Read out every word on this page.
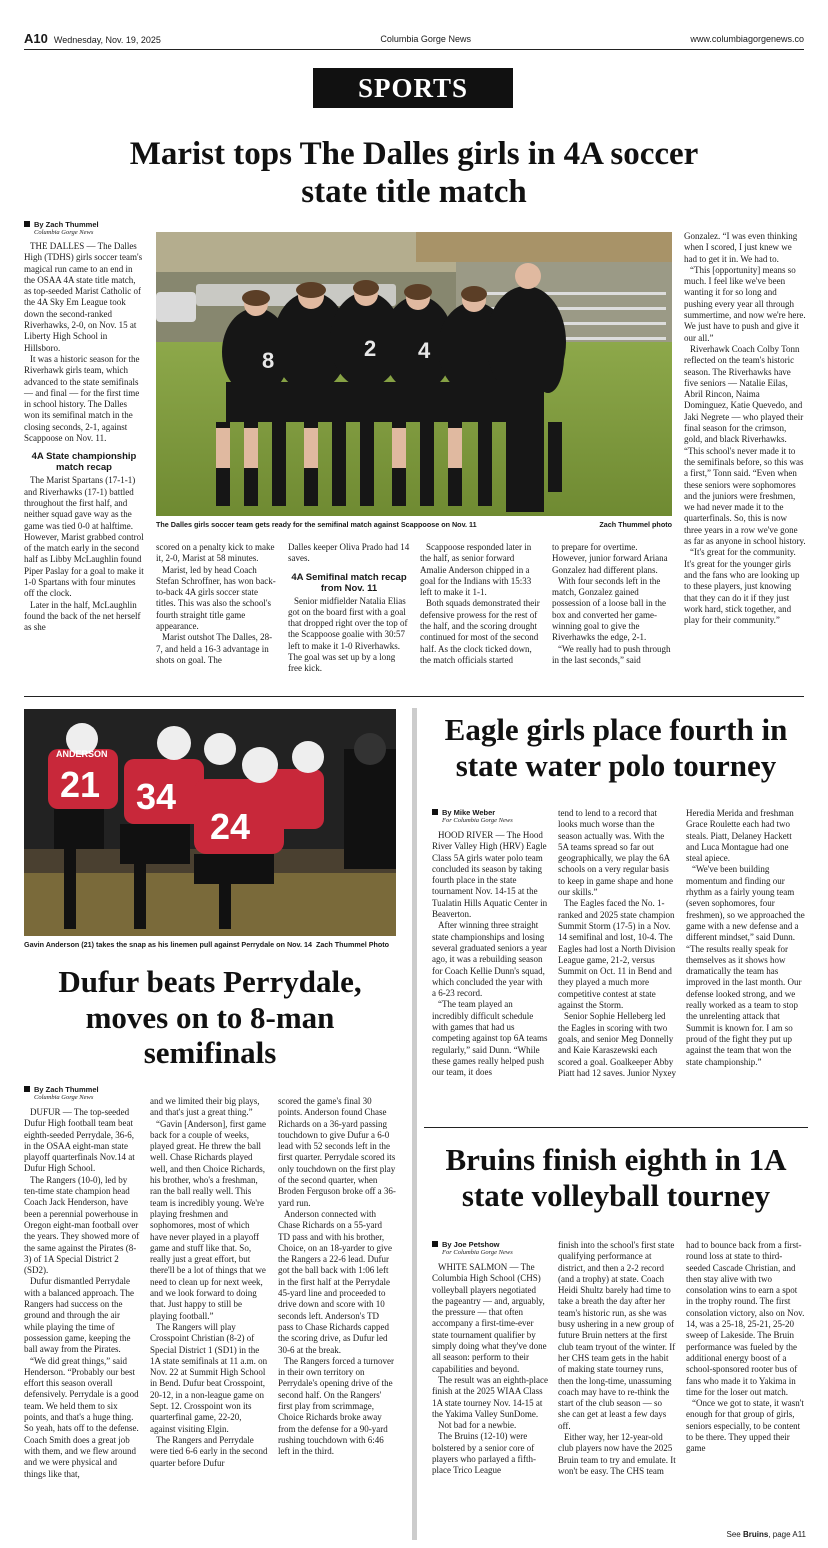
A10 Wednesday, Nov. 19, 2025	Columbia Gorge News	www.columbiagorgenews.co
SPORTS
Marist tops The Dalles girls in 4A soccer state title match
By Zach Thummel
Columbia Gorge News

THE DALLES — The Dalles High (TDHS) girls soccer team's magical run came to an end in the OSAA 4A state title match, as top-seeded Marist Catholic of the 4A Sky Em League took down the second-ranked Riverhawks, 2-0, on Nov. 15 at Liberty High School in Hillsboro.

It was a historic season for the Riverhawk girls team, which advanced to the state semifinals — and final — for the first time in school history. The Dalles won its semifinal match in the closing seconds, 2-1, against Scappoose on Nov. 11.

4A State championship match recap

The Marist Spartans (17-1-1) and Riverhawks (17-1) battled throughout the first half, and neither squad gave way as the game was tied 0-0 at halftime. However, Marist grabbed control of the match early in the second half as Libby McLaughlin found Piper Paslay for a goal to make it 1-0 Spartans with four minutes off the clock.

Later in the half, McLaughlin found the back of the net herself as she

8	2 4
The Dalles girls soccer team gets ready for the semifinal match against Scappoose on Nov. 11	Zach Thummel photo

scored on a penalty kick to make it, 2-0, Marist at 58 minutes.

Marist, led by head Coach Stefan Schroffner, has won back-to-back 4A girls soccer state titles. This was also the school's fourth straight title game appearance.

Marist outshot The Dalles, 28-7, and held a 16-3 advantage in shots on goal. The

Dalles keeper Oliva Prado had 14 saves.

4A Semifinal match recap from Nov. 11

Senior midfielder Natalia Elias got on the board first with a goal that dropped right over the top of the Scappoose goalie with 30:57 left to make it 1-0 Riverhawks. The goal was set up by a long free kick.

Scappoose responded later in the half, as senior forward Amalie Anderson chipped in a goal for the Indians with 15:33 left to make it 1-1.

Both squads demonstrated their defensive prowess for the rest of the half, and the scoring drought continued for most of the second half. As the clock ticked down, the match officials started

to prepare for overtime. However, junior forward Ariana Gonzalez had different plans.

With four seconds left in the match, Gonzalez gained possession of a loose ball in the box and converted her game-winning goal to give the Riverhawks the edge, 2-1.

“We really had to push through in the last seconds,” said

Gonzalez. “I was even thinking when I scored, I just knew we had to get it in. We had to.

“This [opportunity] means so much. I feel like we've been wanting it for so long and pushing every year all through summertime, and now we're here. We just have to push and give it our all.”

Riverhawk Coach Colby Tonn reflected on the team's historic season. The Riverhawks have five seniors — Natalie Eilas, Abril Rincon, Naima Dominguez, Katie Quevedo, and Jaki Negrete — who played their final season for the crimson, gold, and black Riverhawks. “This school's never made it to the semifinals before, so this was a first,” Tonn said. “Even when these seniors were sophomores and the juniors were freshmen, we had never made it to the quarterfinals. So, this is now three years in a row we've gone as far as anyone in school history.

“It's great for the community. It's great for the younger girls and the fans who are looking up to these players, just knowing that they can do it if they just work hard, stick together, and play for their community.”

ANDERSON
21 34
24
Gavin Anderson (21) takes the snap as his linemen pull against Perrydale on Nov. 14 Zach Thummel Photo
Dufur beats Perrydale, moves on to 8-man semifinals
By Zach Thummel
Columbia Gorge News

DUFUR — The top-seeded Dufur High football team beat eighth-seeded Perrydale, 36-6, in the OSAA eight-man state playoff quarterfinals Nov.14 at Dufur High School.

The Rangers (10-0), led by ten-time state champion head Coach Jack Henderson, have been a perennial powerhouse in Oregon eight-man football over the years. They showed more of the same against the Pirates (8-3) of 1A Special District 2 (SD2).

Dufur dismantled Perrydale with a balanced approach. The Rangers had success on the ground and through the air while playing the time of possession game, keeping the ball away from the Pirates.

“We did great things,” said Henderson. “Probably our best effort this season overall defensively. Perrydale is a good team. We held them to six points, and that's a huge thing. So yeah, hats off to the defense. Coach Smith does a great job with them, and we flew around and we were physical and things like that,

and we limited their big plays, and that's just a great thing.”

“Gavin [Anderson], first game back for a couple of weeks, played great. He threw the ball well. Chase Richards played well, and then Choice Richards, his brother, who's a freshman, ran the ball really well. This team is incredibly young. We're playing freshmen and sophomores, most of which have never played in a playoff game and stuff like that. So, really just a great effort, but there'll be a lot of things that we need to clean up for next week, and we look forward to doing that. Just happy to still be playing football.”

The Rangers will play Crosspoint Christian (8-2) of Special District 1 (SD1) in the 1A state semifinals at 11 a.m. on Nov. 22 at Summit High School in Bend. Dufur beat Crosspoint, 20-12, in a non-league game on Sept. 12. Crosspoint won its quarterfinal game, 22-20, against visiting Elgin.

The Rangers and Perrydale were tied 6-6 early in the second quarter before Dufur

scored the game's final 30 points. Anderson found Chase Richards on a 36-yard passing touchdown to give Dufur a 6-0 lead with 52 seconds left in the first quarter. Perrydale scored its only touchdown on the first play of the second quarter, when Broden Ferguson broke off a 36-yard run.

Anderson connected with Chase Richards on a 55-yard TD pass and with his brother, Choice, on an 18-yarder to give the Rangers a 22-6 lead. Dufur got the ball back with 1:06 left in the first half at the Perrydale 45-yard line and proceeded to drive down and score with 10 seconds left. Anderson's TD pass to Chase Richards capped the scoring drive, as Dufur led 30-6 at the break.

The Rangers forced a turnover in their own territory on Perrydale's opening drive of the second half. On the Rangers' first play from scrimmage, Choice Richards broke away from the defense for a 90-yard rushing touchdown with 6:46 left in the third.

Eagle girls place fourth in state water polo tourney
By Mike Weber
For Columbia Gorge News

HOOD RIVER — The Hood River Valley High (HRV) Eagle Class 5A girls water polo team concluded its season by taking fourth place in the state tournament Nov. 14-15 at the Tualatin Hills Aquatic Center in Beaverton.

After winning three straight state championships and losing several graduated seniors a year ago, it was a rebuilding season for Coach Kellie Dunn's squad, which concluded the year with a 6-23 record.

“The team played an incredibly difficult schedule with games that had us competing against top 6A teams regularly,” said Dunn. “While these games really helped push our team, it does

tend to lend to a record that looks much worse than the season actually was. With the 5A teams spread so far out geographically, we play the 6A schools on a very regular basis to keep in game shape and hone our skills.”

The Eagles faced the No. 1-ranked and 2025 state champion Summit Storm (17-5) in a Nov. 14 semifinal and lost, 10-4. The Eagles had lost a North Division League game, 21-2, versus Summit on Oct. 11 in Bend and they played a much more competitive contest at state against the Storm.

Senior Sophie Helleberg led the Eagles in scoring with two goals, and senior Meg Donnelly and Kaie Karaszewski each scored a goal. Goalkeeper Abby Piatt had 12 saves. Junior Nyxey

Heredia Merida and freshman Grace Roulette each had two steals. Piatt, Delaney Hackett and Luca Montague had one steal apiece.

“We've been building momentum and finding our rhythm as a fairly young team (seven sophomores, four freshmen), so we approached the game with a new defense and a different mindset,” said Dunn. “The results really speak for themselves as it shows how dramatically the team has improved in the last month. Our defense looked strong, and we really worked as a team to stop the unrelenting attack that Summit is known for. I am so proud of the fight they put up against the team that won the state championship.”

Bruins finish eighth in 1A state volleyball tourney
By Joe Petshow
For Columbia Gorge News

WHITE SALMON — The Columbia High School (CHS) volleyball players negotiated the pageantry — and, arguably, the pressure — that often accompany a first-time-ever state tournament qualifier by simply doing what they've done all season: perform to their capabilities and beyond.

The result was an eighth-place finish at the 2025 WIAA Class 1A state tourney Nov. 14-15 at the Yakima Valley SunDome.

Not bad for a newbie.

The Bruins (12-10) were bolstered by a senior core of players who parlayed a fifth-place Trico League

finish into the school's first state qualifying performance at district, and then a 2-2 record (and a trophy) at state. Coach Heidi Shultz barely had time to take a breath the day after her team's historic run, as she was busy ushering in a new group of future Bruin netters at the first club team tryout of the winter. If her CHS team gets in the habit of making state tourney runs, then the long-time, unassuming coach may have to re-think the start of the club season — so she can get at least a few days off.

Either way, her 12-year-old club players now have the 2025 Bruin team to try and emulate. It won't be easy. The CHS team

had to bounce back from a first-round loss at state to third-seeded Cascade Christian, and then stay alive with two consolation wins to earn a spot in the trophy round. The first consolation victory, also on Nov. 14, was a 25-18, 25-21, 25-20 sweep of Lakeside. The Bruin performance was fueled by the additional energy boost of a school-sponsored rooter bus of fans who made it to Yakima in time for the loser out match.

“Once we got to state, it wasn't enough for that group of girls, seniors especially, to be content to be there. They upped their game

See Bruins, page A11
